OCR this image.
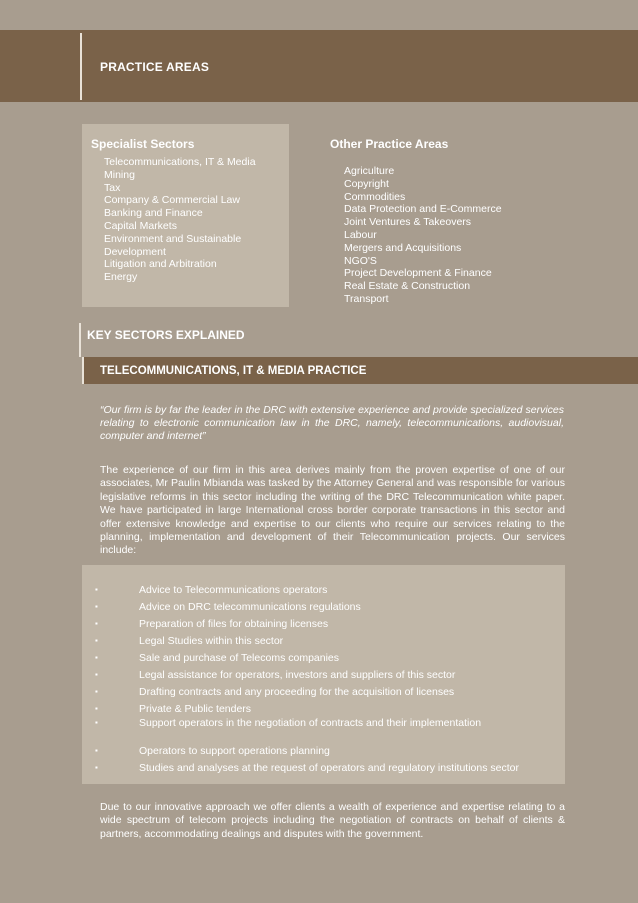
PRACTICE AREAS
Specialist Sectors
Telecommunications, IT & Media
Mining
Tax
Company & Commercial Law
Banking and Finance
Capital Markets
Environment and Sustainable
Development
Litigation and Arbitration
Energy
Other Practice Areas
Agriculture
Copyright
Commodities
Data Protection and E-Commerce
Joint Ventures & Takeovers
Labour
Mergers and Acquisitions
NGO'S
Project Development & Finance
Real Estate & Construction
Transport
KEY SECTORS EXPLAINED
TELECOMMUNICATIONS, IT & MEDIA PRACTICE
“Our firm is by far the leader in the DRC with extensive experience and provide specialized services relating to electronic communication law in the DRC, namely, telecommunications, audiovisual, computer and internet”
The experience of our firm in this area derives mainly from the proven expertise of one of our associates, Mr Paulin Mbianda was tasked by the Attorney General and was responsible for various legislative reforms in this sector including the writing of the DRC Telecommunication white paper. We have participated in large International cross border corporate transactions in this sector and offer extensive knowledge and expertise to our clients who require our services relating to the planning, implementation and development of their Telecommunication projects. Our services include:
▪	Advice to Telecommunications operators
▪	Advice on DRC telecommunications regulations
▪	Preparation of files for obtaining licenses
▪	Legal Studies within this sector
▪	Sale and purchase of Telecoms companies
▪	Legal assistance for operators, investors and suppliers of this sector
▪	Drafting contracts and any proceeding for the acquisition of licenses
▪	Private & Public tenders
▪	Support operators in the negotiation of contracts and their implementation
▪	Operators to support operations planning
▪	Studies and analyses at the request of operators and regulatory institutions sector
Due to our innovative approach we offer clients a wealth of experience and expertise relating to a wide spectrum of telecom projects including the negotiation of contracts on behalf of clients & partners, accommodating dealings and disputes with the government.
